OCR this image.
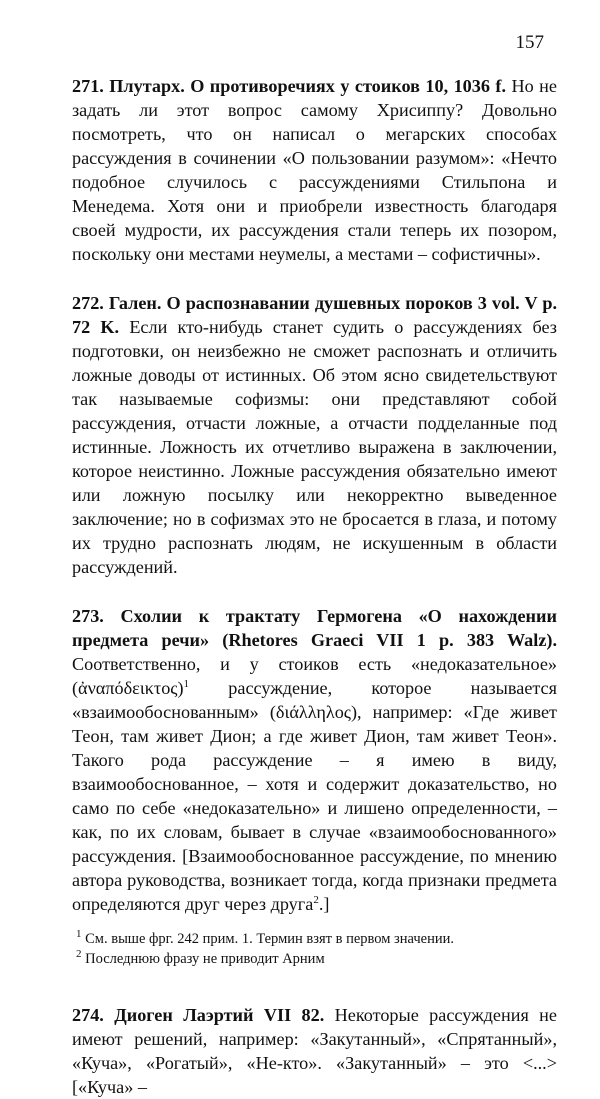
157

271. Плутарх. О противоречиях у стоиков 10, 1036 f. Но не задать ли этот вопрос самому Хрисиппу? Довольно посмотреть, что он написал о мегарских способах рассуждения в сочинении «О пользовании разумом»: «Нечто подобное случилось с рассуждениями Стильпона и Менедема. Хотя они и приобрели известность благодаря своей мудрости, их рассуждения стали теперь их позором, поскольку они местами неумелы, а местами – софистичны».

272. Гален. О распознавании душевных пороков 3 vol. V p. 72 K. Если кто-нибудь станет судить о рассуждениях без подготовки, он неизбежно не сможет распознать и отличить ложные доводы от истинных. Об этом ясно свидетельствуют так называемые софизмы: они представляют собой рассуждения, отчасти ложные, а отчасти подделанные под истинные. Ложность их отчетливо выражена в заключении, которое неистинно. Ложные рассуждения обязательно имеют или ложную посылку или некорректно выведенное заключение; но в софизмах это не бросается в глаза, и потому их трудно распознать людям, не искушенным в области рассуждений.

273. Схолии к трактату Гермогена «О нахождении предмета речи» (Rhetores Graeci VII 1 p. 383 Walz). Соответственно, и у стоиков есть «недоказательное» (ἀναπόδεικτος)$^1$ рассуждение, которое называется «взаимообоснованным» (διάλληλος), например: «Где живет Теон, там живет Дион; а где живет Дион, там живет Теон». Такого рода рассуждение – я имею в виду, взаимообоснованное, – хотя и содержит доказательство, но само по себе «недоказательно» и лишено определенности, – как, по их словам, бывает в случае «взаимообоснованного» рассуждения. [Взаимообоснованное рассуждение, по мнению автора руководства, возникает тогда, когда признаки предмета определяются друг через друга$^2$.]

$^1$ См. выше фрг. 242 прим. 1. Термин взят в первом значении.

$^2$ Последнюю фразу не приводит Арним

274. Диоген Лаэртий VII 82. Некоторые рассуждения не имеют решений, например: «Закутанный», «Спрятанный», «Куча», «Рогатый», «Не-кто». «Закутанный» – это <...> [«Куча» –
